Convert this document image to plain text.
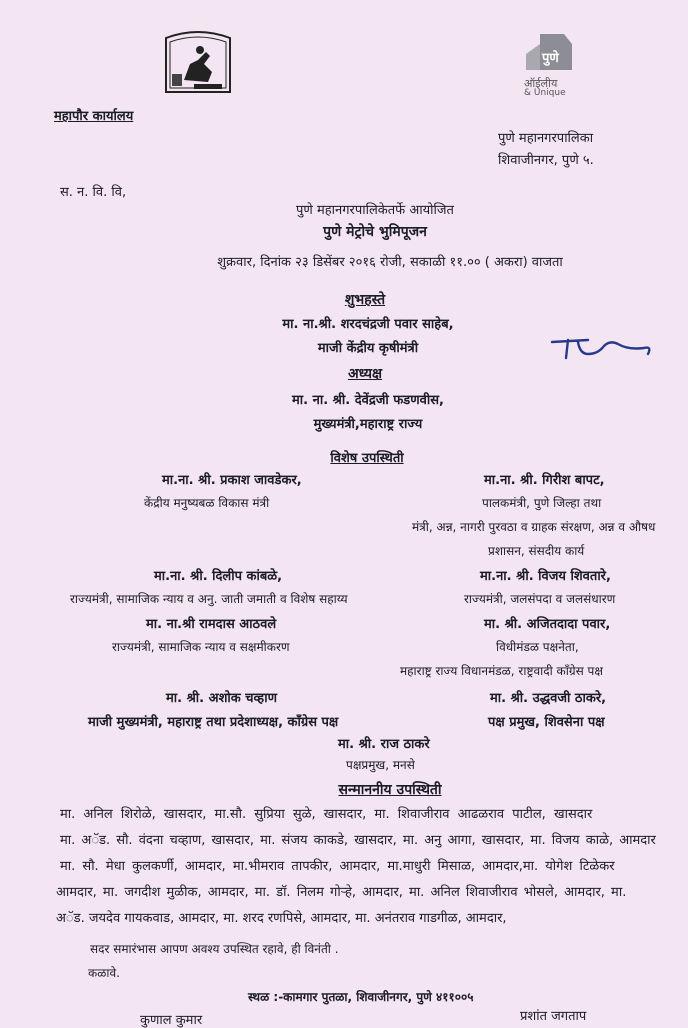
पुणे
ऑईलीय
& Unique
महापौर कार्यालय
पुणे महानगरपालिका
शिवाजीनगर, पुणे ५.
स. न. वि. वि,
पुणे महानगरपालिकेतर्फे आयोजित
पुणे मेट्रोचे भुमिपूजन
शुक्रवार, दिनांक २३ डिसेंबर २०१६ रोजी, सकाळी ११.०० ( अकरा) वाजता
शुभहस्ते
मा. ना.श्री. शरदचंद्रजी पवार साहेब,
माजी केंद्रीय कृषीमंत्री
अध्यक्ष
मा. ना. श्री. देवेंद्रजी फडणवीस,
मुख्यमंत्री,महाराष्ट्र राज्य
विशेष उपस्थिती
मा.ना. श्री. प्रकाश जावडेकर,
केंद्रीय मनुष्यबळ विकास मंत्री
मा.ना. श्री. गिरीश बापट,
पालकमंत्री, पुणे जिल्हा तथा
मंत्री, अन्न, नागरी पुरवठा व ग्राहक संरक्षण, अन्न व औषध
प्रशासन, संसदीय कार्य
मा.ना. श्री. दिलीप कांबळे,
राज्यमंत्री, सामाजिक न्याय व अनु. जाती जमाती व विशेष सहाय्य
मा.ना. श्री. विजय शिवतारे,
राज्यमंत्री, जलसंपदा व जलसंधारण
मा. ना.श्री रामदास आठवले
राज्यमंत्री, सामाजिक न्याय व सक्षमीकरण
मा. श्री. अजितदादा पवार,
विधीमंडळ पक्षनेता,
महाराष्ट्र राज्य विधानमंडळ, राष्ट्रवादी कॉंग्रेस पक्ष
मा. श्री. अशोक चव्हाण
माजी मुख्यमंत्री, महाराष्ट्र तथा प्रदेशाध्यक्ष, कॉंग्रेस पक्ष
मा. श्री. उद्धवजी ठाकरे,
पक्ष प्रमुख, शिवसेना पक्ष
मा. श्री. राज ठाकरे
पक्षप्रमुख, मनसे
सन्माननीय उपस्थिती
मा. अनिल शिरोळे, खासदार, मा.सौ. सुप्रिया सुळे, खासदार, मा. शिवाजीराव आढळराव पाटील, खासदार
मा. अॅड. सौ. वंदना चव्हाण, खासदार, मा. संजय काकडे, खासदार, मा. अनु आगा, खासदार, मा. विजय काळे, आमदार
मा. सौ. मेधा कुलकर्णी, आमदार, मा.भीमराव तापकीर, आमदार, मा.माधुरी मिसाळ, आमदार,मा. योगेश टिळेकर
आमदार, मा. जगदीश मुळीक, आमदार, मा. डॉ. निलम गोऱ्हे, आमदार, मा. अनिल शिवाजीराव भोसले, आमदार, मा.
अॅड. जयदेव गायकवाड, आमदार, मा. शरद रणपिसे, आमदार, मा. अनंतराव गाडगीळ, आमदार,
सदर समारंभास आपण अवश्य उपस्थित रहावे, ही विनंती .
कळावे.
स्थळ :-कामगार पुतळा, शिवाजीनगर, पुणे ४११००५
कुणाल कुमार	प्रशांत जगताप
